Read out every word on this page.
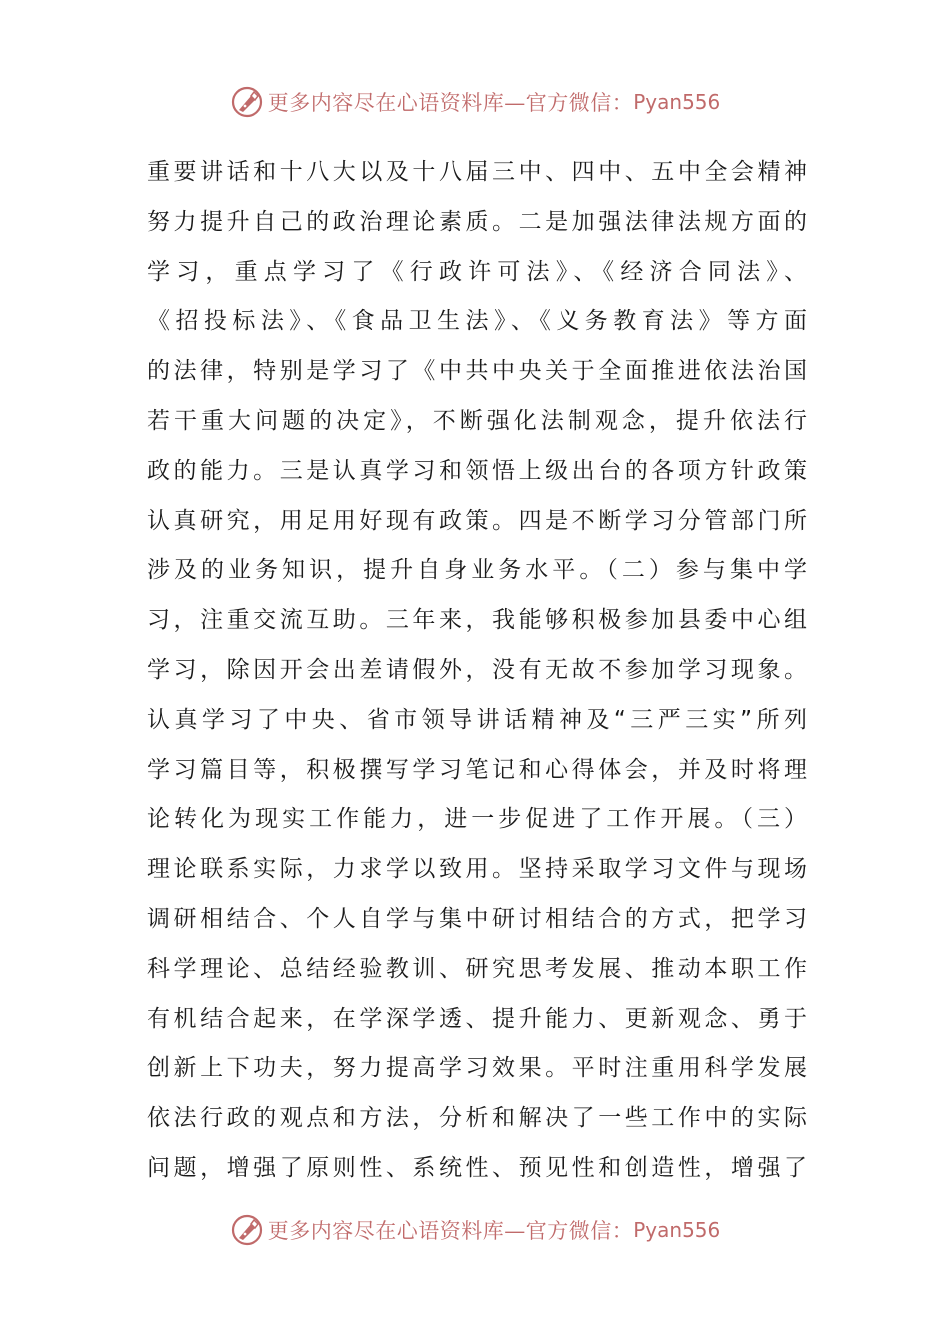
更多内容尽在心语资料库—官方微信： Pyan556
重要讲话和十八大以及十八届三中、四中、五中全会精神
努力提升自己的政治理论素质。二是加强法律法规方面的
学习，重点学习了《行政许可法》、《经济合同法》、
《招投标法》、《食品卫生法》、《义务教育法》等方面
的法律，特别是学习了《中共中央关于全面推进依法治国
若干重大问题的决定》，不断强化法制观念，提升依法行
政的能力。三是认真学习和领悟上级出台的各项方针政策
认真研究，用足用好现有政策。四是不断学习分管部门所
涉及的业务知识，提升自身业务水平。（二）参与集中学
习，注重交流互助。三年来，我能够积极参加县委中心组
学习，除因开会出差请假外，没有无故不参加学习现象。
认真学习了中央、省市领导讲话精神及“三严三实”所列
学习篇目等，积极撰写学习笔记和心得体会，并及时将理
论转化为现实工作能力，进一步促进了工作开展。（三）
理论联系实际，力求学以致用。坚持采取学习文件与现场
调研相结合、个人自学与集中研讨相结合的方式，把学习
科学理论、总结经验教训、研究思考发展、推动本职工作
有机结合起来，在学深学透、提升能力、更新观念、勇于
创新上下功夫，努力提高学习效果。平时注重用科学发展
依法行政的观点和方法，分析和解决了一些工作中的实际
问题，增强了原则性、系统性、预见性和创造性，增强了
更多内容尽在心语资料库—官方微信： Pyan556
